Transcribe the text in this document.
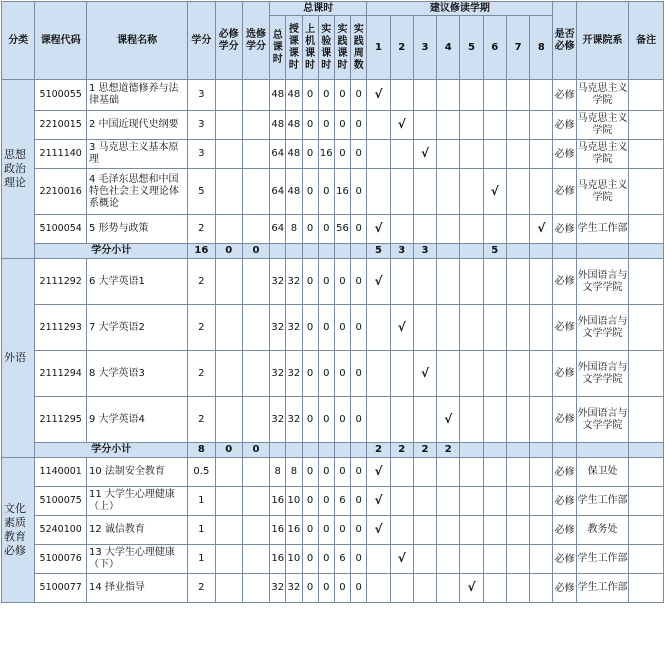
分类	课程代码	课程名称	学分	必修学分	选修学分	总课时						建议修读学期								是否必修	开课院系	备注
						总课时	授课课时	上机课时	实验课时	实践课时	实践周数	1	2	3	4	5	6	7	8			
思想政治理论	5100055	1 思想道德修养与法律基础	3			48	48	0	0	0	0	√								必修	马克思主义学院	
	2210015	2 中国近现代史纲要	3			48	48	0	0	0	0		√							必修	马克思主义学院	
	2111140	3 马克思主义基本原理	3			64	48	0	16	0	0			√						必修	马克思主义学院	
	2210016	4 毛泽东思想和中国特色社会主义理论体系概论	5			64	48	0	0	16	0						√			必修	马克思主义学院	
	5100054	5 形势与政策	2			64	8	0	0	56	0	√							√	必修	学生工作部	
	学分小计		16	0	0							5	3	3			5					
外语	2111292	6 大学英语1	2			32	32	0	0	0	0	√								必修	外国语言与文学学院	
	2111293	7 大学英语2	2			32	32	0	0	0	0		√							必修	外国语言与文学学院	
	2111294	8 大学英语3	2			32	32	0	0	0	0			√						必修	外国语言与文学学院	
	2111295	9 大学英语4	2			32	32	0	0	0	0				√					必修	外国语言与文学学院	
	学分小计		8	0	0							2	2	2	2							
文化素质教育必修	1140001	10 法制安全教育	0.5			8	8	0	0	0	0	√								必修	保卫处	
	5100075	11 大学生心理健康（上）	1			16	10	0	0	6	0	√								必修	学生工作部	
	5240100	12 诚信教育	1			16	16	0	0	0	0	√								必修	教务处	
	5100076	13 大学生心理健康（下）	1			16	10	0	0	6	0		√							必修	学生工作部	
	5100077	14 择业指导	2			32	32	0	0	0	0					√				必修	学生工作部	
